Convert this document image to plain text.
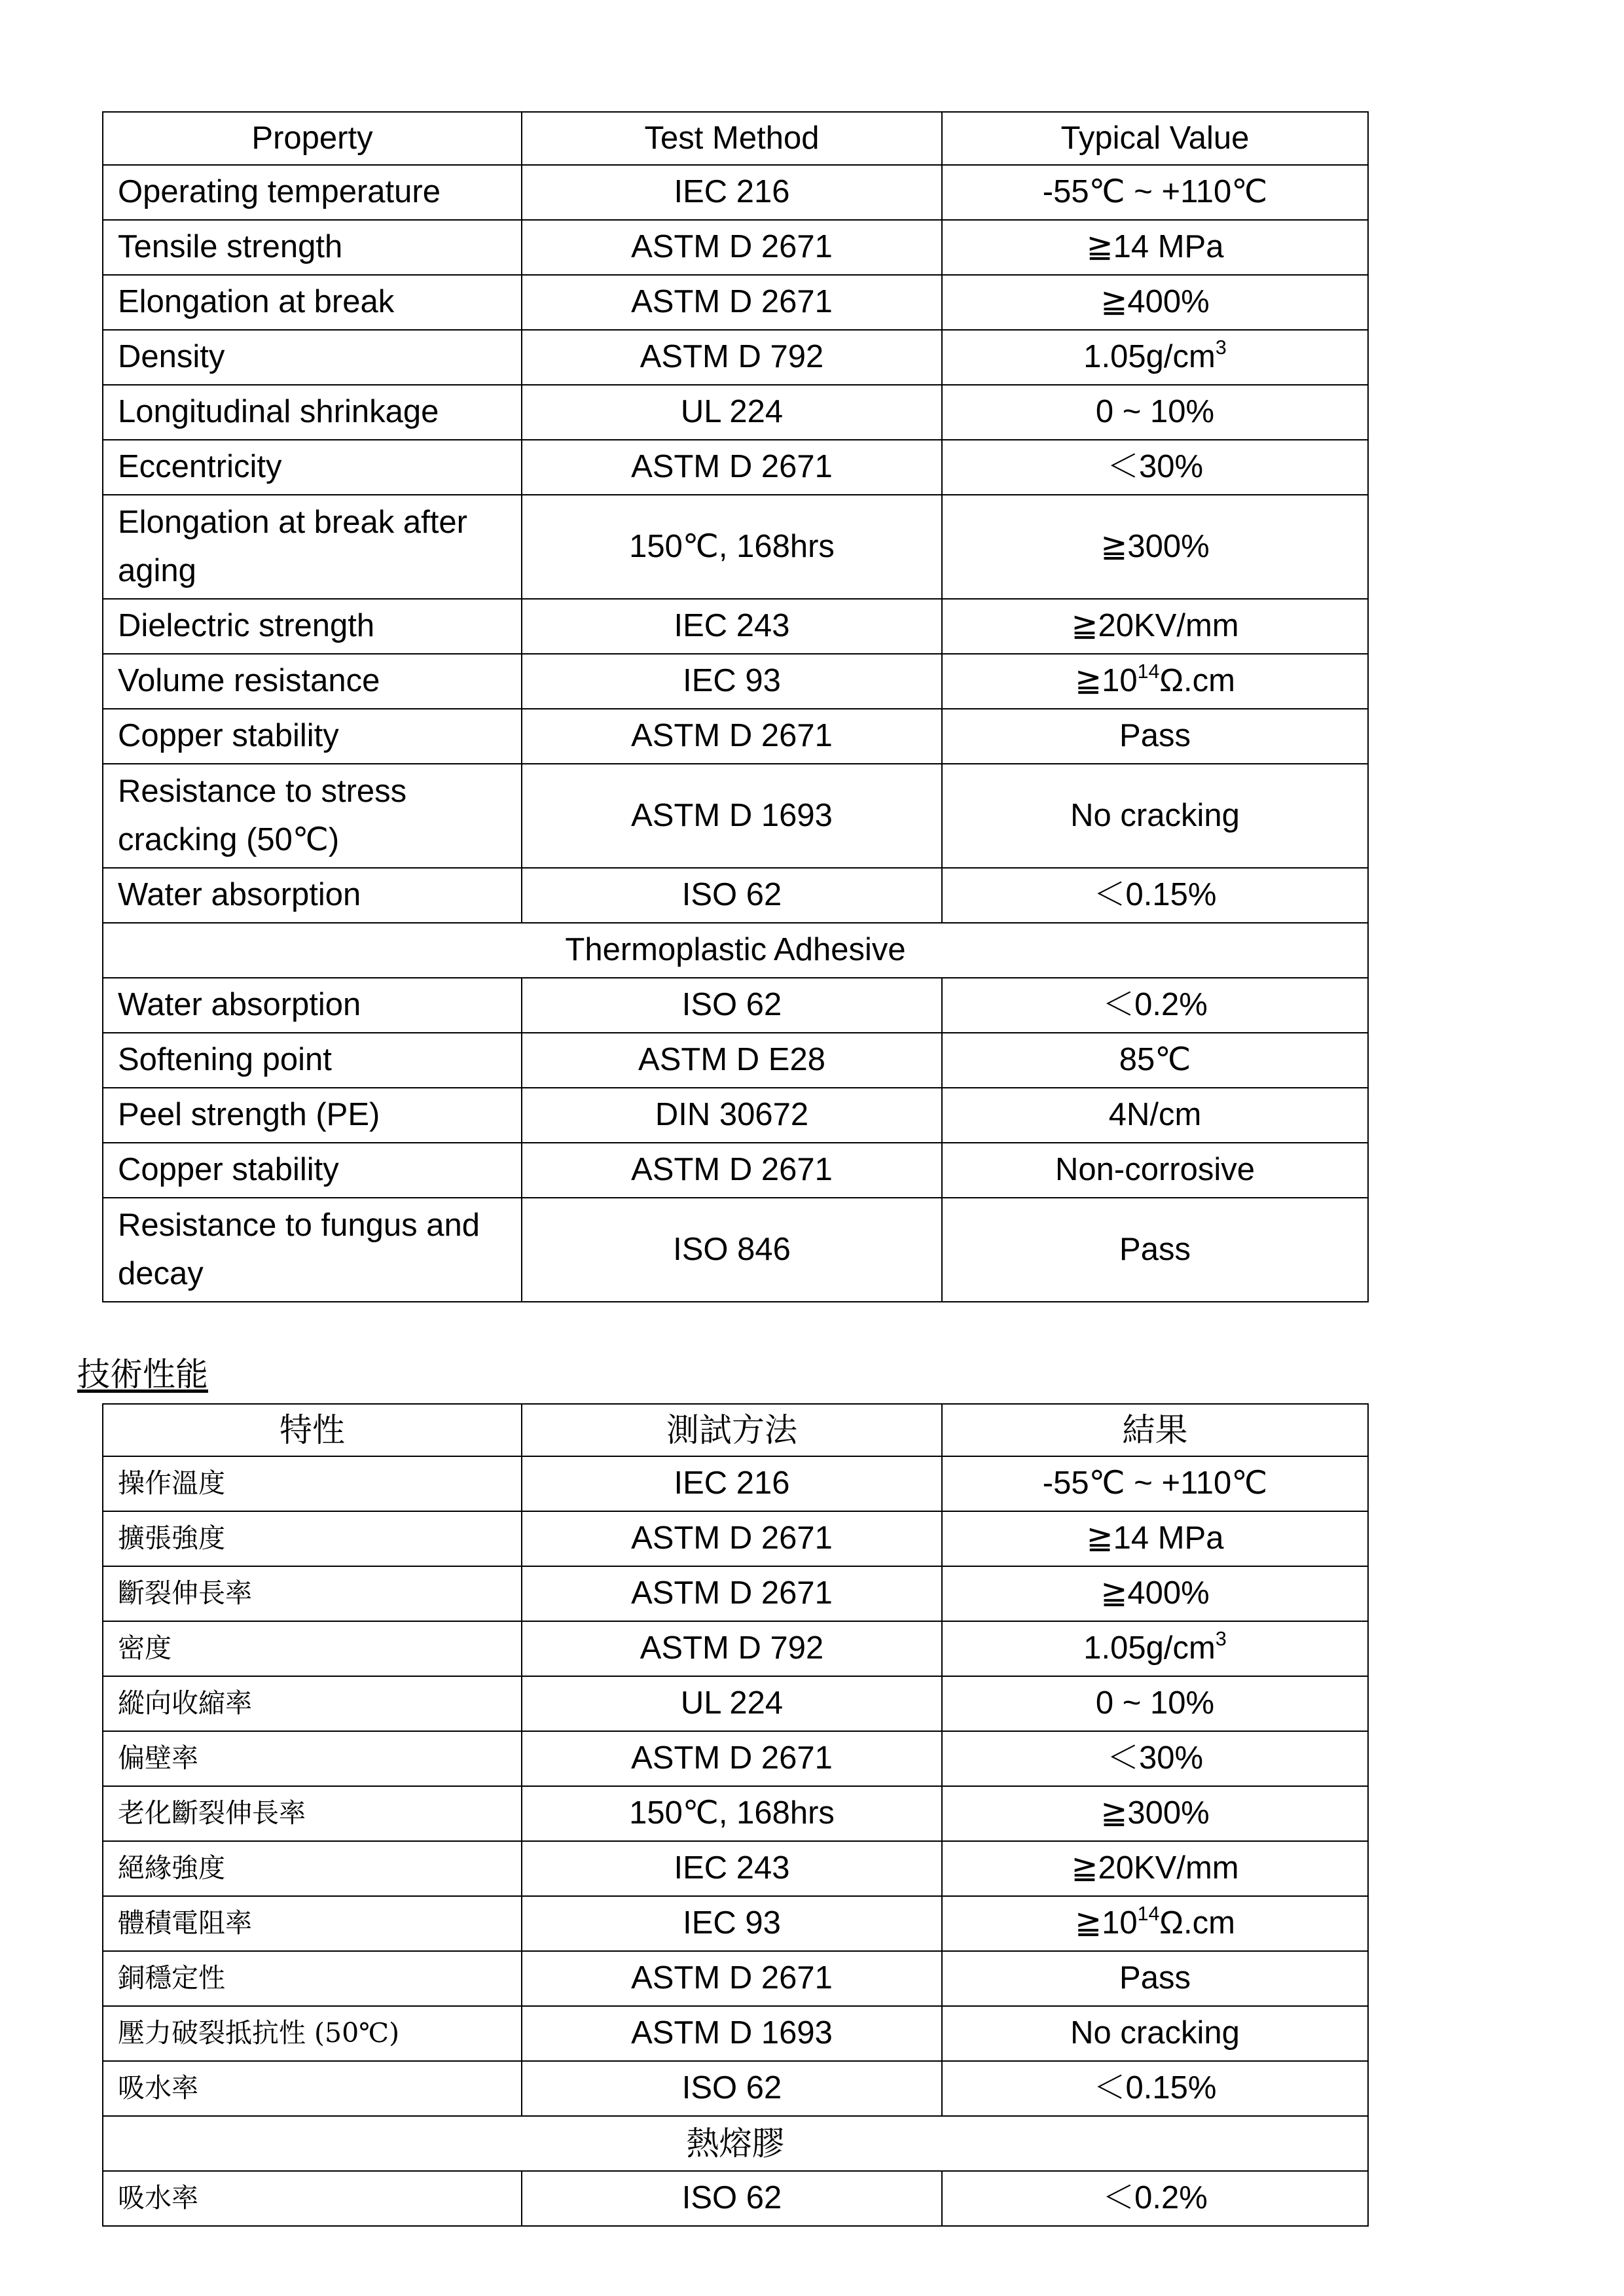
Property	Test Method	Typical Value
Operating temperature	IEC 216	-55℃ ~ +110℃
Tensile strength	ASTM D 2671	≧14 MPa
Elongation at break	ASTM D 2671	≧400%
Density	ASTM D 792	$1.05g/cm^3$
Longitudinal shrinkage	UL 224	0 ~ 10%
Eccentricity	ASTM D 2671	＜30%
Elongation at break after aging	150℃, 168hrs	≧300%
Dielectric strength	IEC 243	≧20KV/mm
Volume resistance	IEC 93	$≧10^{14}\Omega.cm$
Copper stability	ASTM D 2671	Pass
Resistance to stress cracking (50℃)	ASTM D 1693	No cracking
Water absorption	ISO 62	＜0.15%
Thermoplastic Adhesive		
Water absorption	ISO 62	＜0.2%
Softening point	ASTM D E28	85℃
Peel strength (PE)	DIN 30672	4N/cm
Copper stability	ASTM D 2671	Non-corrosive
Resistance to fungus and decay	ISO 846	Pass
技術性能
特性	測試方法	結果
操作溫度	IEC 216	-55℃ ~ +110℃
擴張強度	ASTM D 2671	≧14 MPa
斷裂伸長率	ASTM D 2671	≧400%
密度	ASTM D 792	$1.05g/cm^3$
縱向收縮率	UL 224	0 ~ 10%
偏壁率	ASTM D 2671	＜30%
老化斷裂伸長率	150℃, 168hrs	≧300%
絕緣強度	IEC 243	≧20KV/mm
體積電阻率	IEC 93	$≧10^{14}\Omega.cm$
銅穩定性	ASTM D 2671	Pass
壓力破裂抵抗性 (50℃)	ASTM D 1693	No cracking
吸水率	ISO 62	＜0.15%
熱熔膠		
吸水率	ISO 62	＜0.2%
